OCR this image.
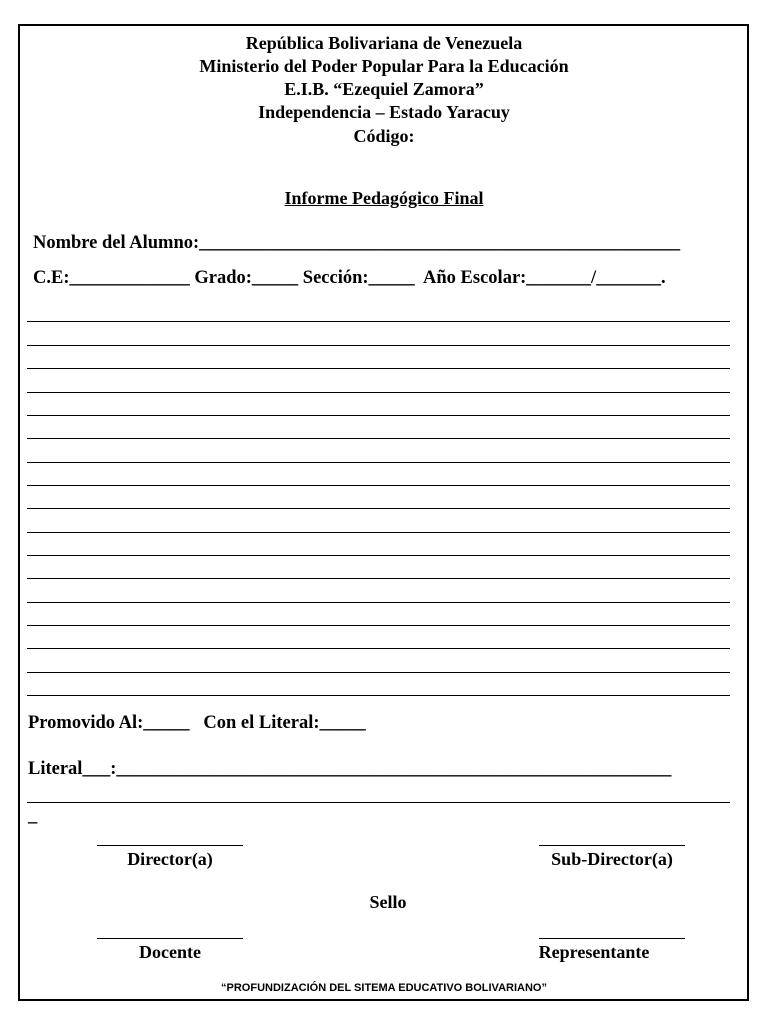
República Bolivariana de Venezuela
Ministerio del Poder Popular Para la Educación
E.I.B. “Ezequiel Zamora”
Independencia – Estado Yaracuy
Código:
Informe Pedagógico Final
Nombre del Alumno:____________________________________________________
C.E:_____________ Grado:_____ Sección:_____  Año Escolar:_______/_______.
Promovido Al:_____   Con el Literal:_____
Literal___:____________________________________________________________
_
Director(a)	Sub-Director(a)
Sello
Docente	Representante
“PROFUNDIZACIÓN DEL SITEMA EDUCATIVO BOLIVARIANO”
